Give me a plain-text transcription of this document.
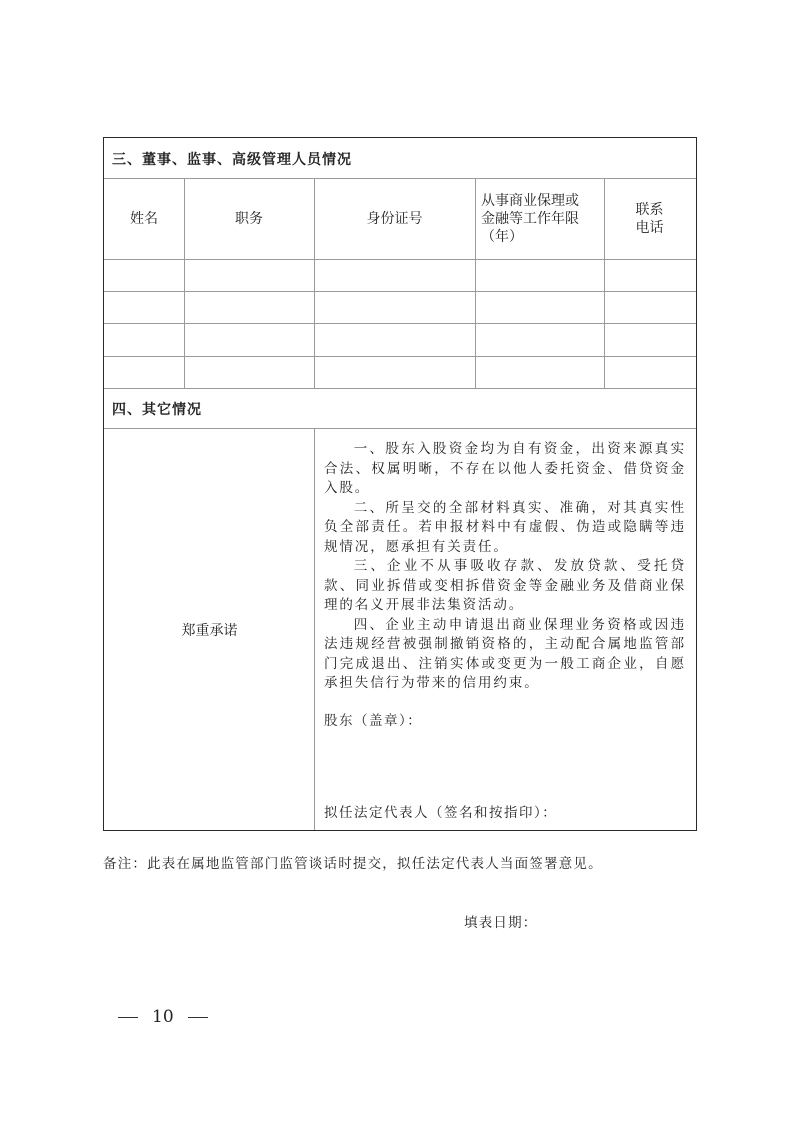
三、董事、监事、高级管理人员情况
姓名	职务	身份证号
从事商业保理或
金融等工作年限
（年）
联系
电话
四、其它情况
郑重承诺

一、股东入股资金均为自有资金，出资来源真实合法、权属明晰，不存在以他人委托资金、借贷资金入股。

二、所呈交的全部材料真实、准确，对其真实性负全部责任。若申报材料中有虚假、伪造或隐瞒等违规情况，愿承担有关责任。

三、企业不从事吸收存款、发放贷款、受托贷款、同业拆借或变相拆借资金等金融业务及借商业保理的名义开展非法集资活动。

四、企业主动申请退出商业保理业务资格或因违法违规经营被强制撤销资格的，主动配合属地监管部门完成退出、注销实体或变更为一般工商企业，自愿承担失信行为带来的信用约束。

股东（盖章）：
拟任法定代表人（签名和按指印）：
备注：此表在属地监管部门监管谈话时提交，拟任法定代表人当面签署意见。
填表日期：
10
